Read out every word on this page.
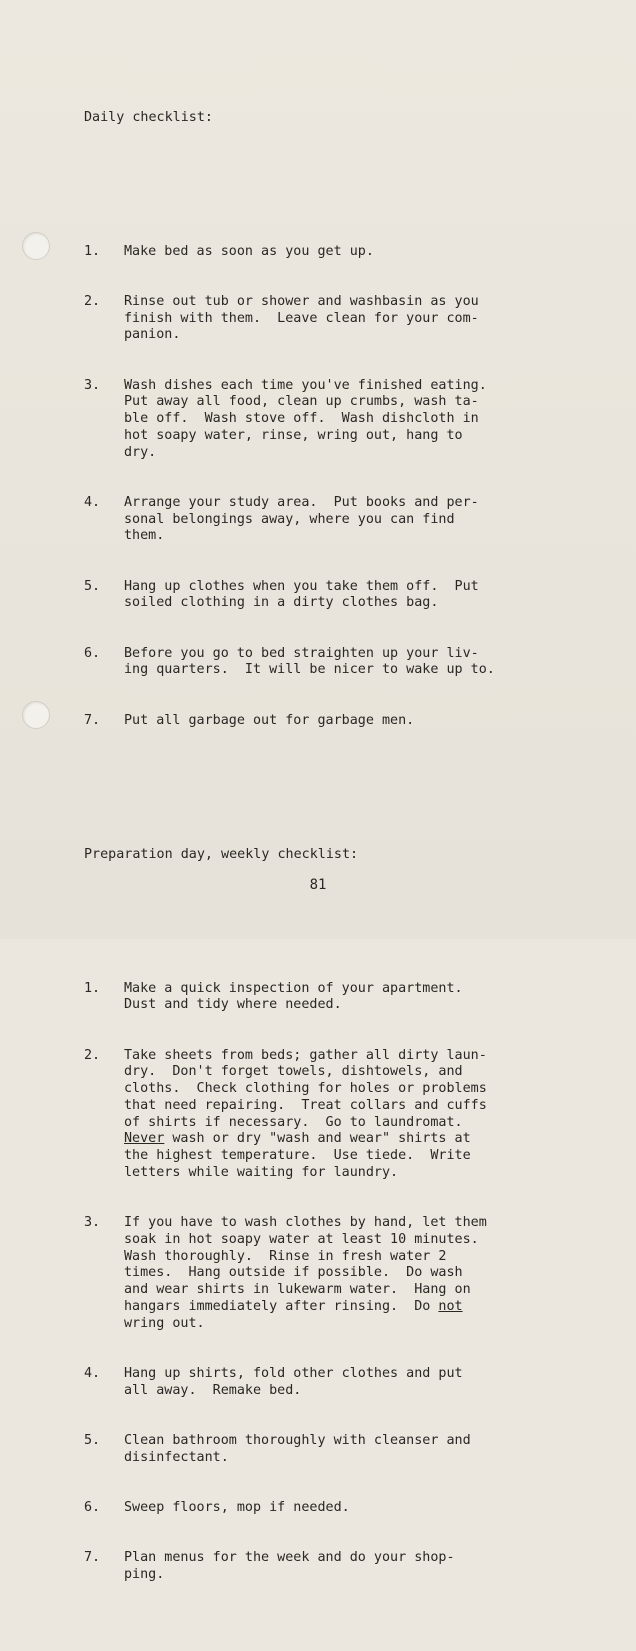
Daily checklist:

1.	Make bed as soon as you get up.

2.	Rinse out tub or shower and washbasin as you
finish with them.  Leave clean for your com-
panion.

3.	Wash dishes each time you've finished eating.
Put away all food, clean up crumbs, wash ta-
ble off.  Wash stove off.  Wash dishcloth in
hot soapy water, rinse, wring out, hang to
dry.

4.	Arrange your study area.  Put books and per-
sonal belongings away, where you can find
them.

5.	Hang up clothes when you take them off.  Put
soiled clothing in a dirty clothes bag.

6.	Before you go to bed straighten up your liv-
ing quarters.  It will be nicer to wake up to.

7.	Put all garbage out for garbage men.

Preparation day, weekly checklist:

1.	Make a quick inspection of your apartment.
Dust and tidy where needed.

2.	Take sheets from beds; gather all dirty laun-
dry.  Don't forget towels, dishtowels, and
cloths.  Check clothing for holes or problems
that need repairing.  Treat collars and cuffs
of shirts if necessary.  Go to laundromat.
Never wash or dry "wash and wear" shirts at
the highest temperature.  Use tiede.  Write
letters while waiting for laundry.

3.	If you have to wash clothes by hand, let them
soak in hot soapy water at least 10 minutes.
Wash thoroughly.  Rinse in fresh water 2
times.  Hang outside if possible.  Do wash
and wear shirts in lukewarm water.  Hang on
hangars immediately after rinsing.  Do not
wring out.

4.	Hang up shirts, fold other clothes and put
all away.  Remake bed.

5.	Clean bathroom thoroughly with cleanser and
disinfectant.

6.	Sweep floors, mop if needed.

7.	Plan menus for the week and do your shop-
ping.

81
